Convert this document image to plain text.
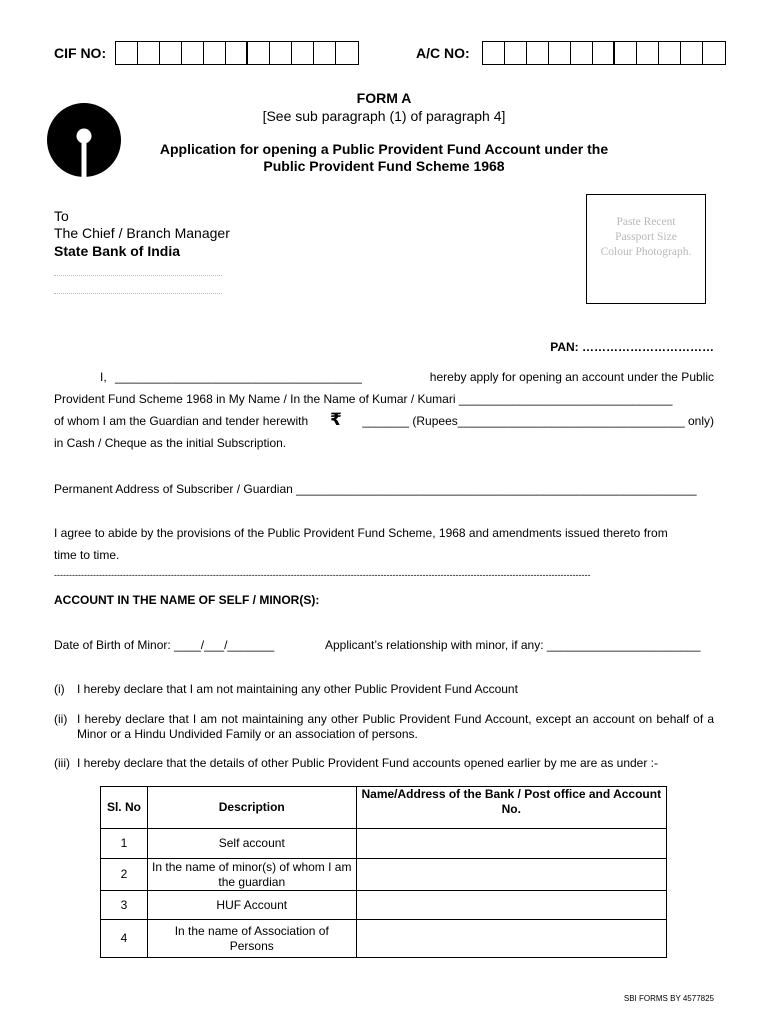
CIF NO:	A/C NO:
FORM A
[See sub paragraph (1) of paragraph 4]
Application for opening a Public Provident Fund Account under the
Public Provident Fund Scheme 1968
To
The Chief / Branch Manager
State Bank of India
Paste Recent
Passport Size
Colour Photograph.
PAN: ……………………………
I, _____________________________________	hereby apply for opening an account under the Public
Provident Fund Scheme 1968 in My Name / In the Name of Kumar / Kumari ________________________________
of whom I am the Guardian and tender herewith ₹	_______ (Rupees__________________________________ only)
in Cash / Cheque as the initial Subscription.
Permanent Address of Subscriber / Guardian ____________________________________________________________
I agree to abide by the provisions of the Public Provident Fund Scheme, 1968 and amendments issued thereto from
time to time.
-----------------------------------------------------------------------------------------------------------------------------------------------------------------------------------
ACCOUNT IN THE NAME OF SELF / MINOR(S):
Date of Birth of Minor: ____/___/_______	Applicant’s relationship with minor, if any: _______________________
(i) I hereby declare that I am not maintaining any other Public Provident Fund Account
(ii) I hereby declare that I am not maintaining any other Public Provident Fund Account, except an account on behalf of a Minor or a Hindu Undivided Family or an association of persons.
(iii) I hereby declare that the details of other Public Provident Fund accounts opened earlier by me are as under :-
Sl. No	Description	Name/Address of the Bank / Post office and Account No.
1	Self account	
2	In the name of minor(s) of whom I am the guardian	
3	HUF Account	
4	In the name of Association of Persons	
SBI FORMS BY 4577825
